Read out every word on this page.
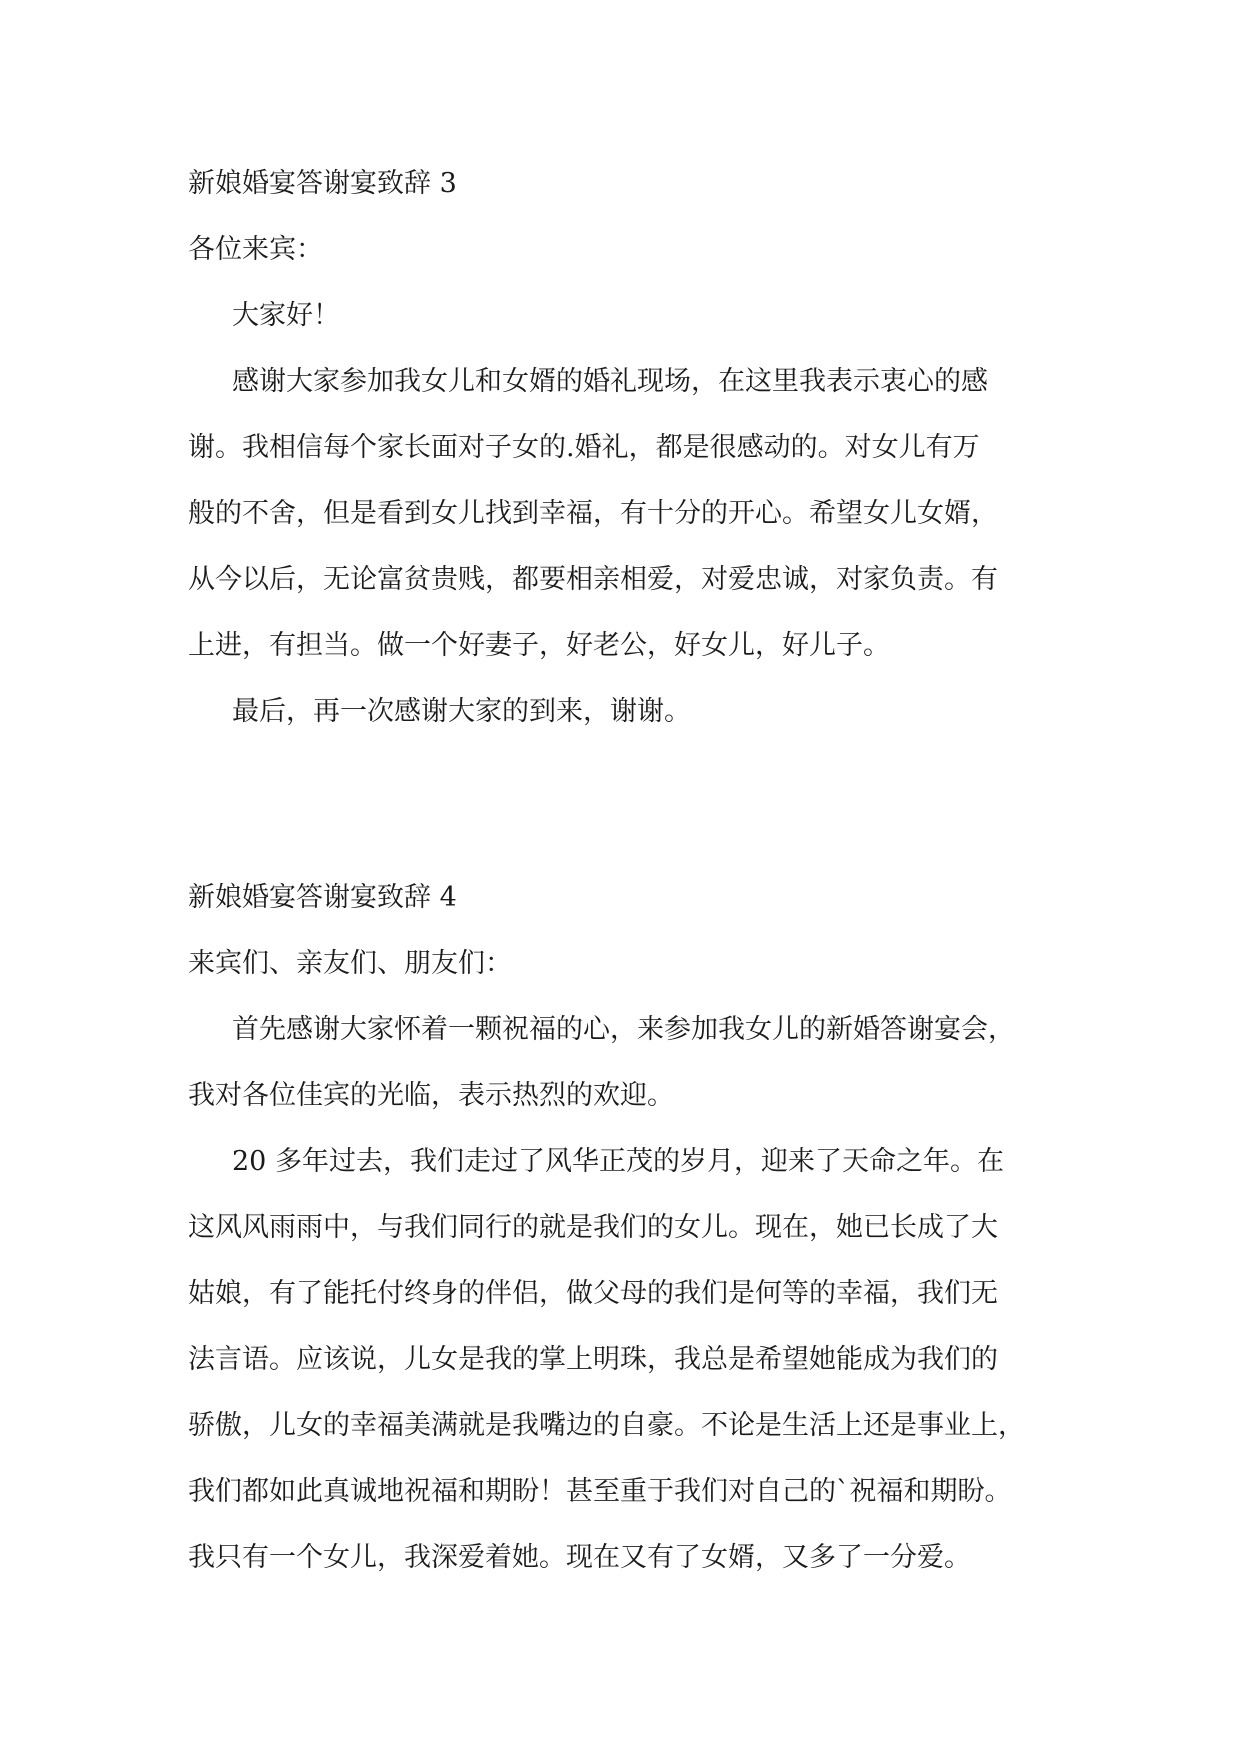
新娘婚宴答谢宴致辞 3

各位来宾：

大家好！

感谢大家参加我女儿和女婿的婚礼现场，在这里我表示衷心的感

谢。我相信每个家长面对子女的.婚礼，都是很感动的。对女儿有万

般的不舍，但是看到女儿找到幸福，有十分的开心。希望女儿女婿，

从今以后，无论富贫贵贱，都要相亲相爱，对爱忠诚，对家负责。有

上进，有担当。做一个好妻子，好老公，好女儿，好儿子。

最后，再一次感谢大家的到来，谢谢。

新娘婚宴答谢宴致辞 4

来宾们、亲友们、朋友们：

首先感谢大家怀着一颗祝福的心，来参加我女儿的新婚答谢宴会，

我对各位佳宾的光临，表示热烈的欢迎。

20 多年过去，我们走过了风华正茂的岁月，迎来了天命之年。在

这风风雨雨中，与我们同行的就是我们的女儿。现在，她已长成了大

姑娘，有了能托付终身的伴侣，做父母的我们是何等的幸福，我们无

法言语。应该说，儿女是我的掌上明珠，我总是希望她能成为我们的

骄傲，儿女的幸福美满就是我嘴边的自豪。不论是生活上还是事业上，

我们都如此真诚地祝福和期盼！甚至重于我们对自己的`祝福和期盼。

我只有一个女儿，我深爱着她。现在又有了女婿，又多了一分爱。
